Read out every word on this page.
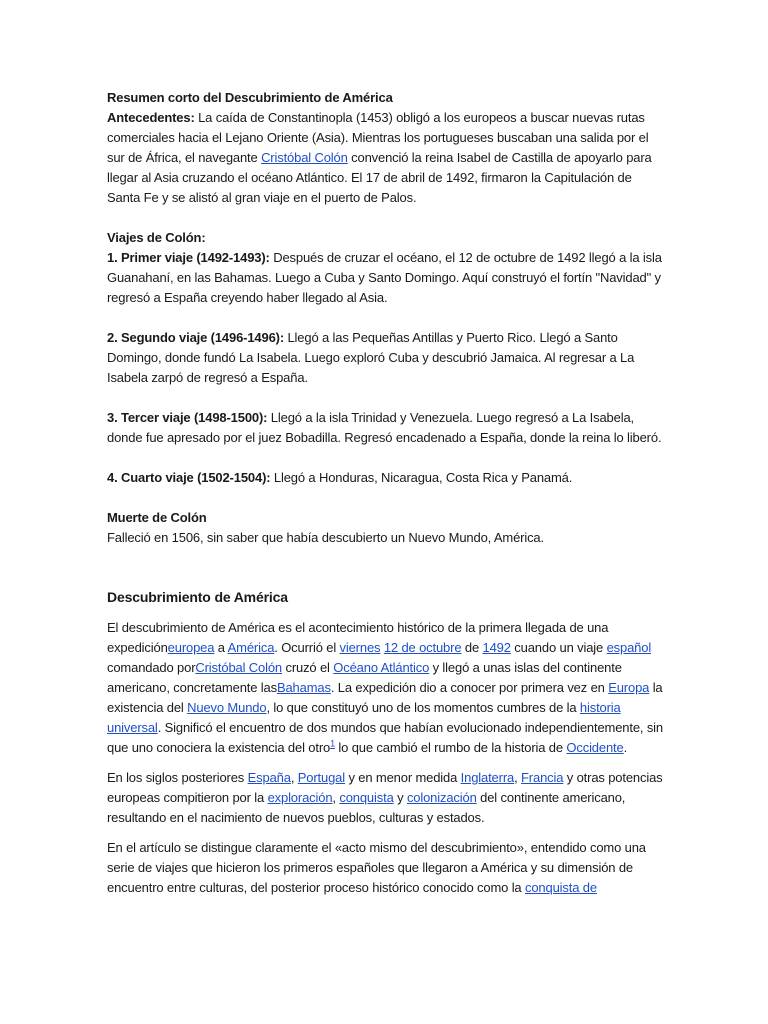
Resumen corto del Descubrimiento de América

Antecedentes: La caída de Constantinopla (1453) obligó a los europeos a buscar nuevas rutas comerciales hacia el Lejano Oriente (Asia). Mientras los portugueses buscaban una salida por el sur de África, el navegante Cristóbal Colón convenció la reina Isabel de Castilla de apoyarlo para llegar al Asia cruzando el océano Atlántico. El 17 de abril de 1492, firmaron la Capitulación de Santa Fe y se alistó al gran viaje en el puerto de Palos.

Viajes de Colón:

1. Primer viaje (1492-1493): Después de cruzar el océano, el 12 de octubre de 1492 llegó a la isla Guanahaní, en las Bahamas. Luego a Cuba y Santo Domingo. Aquí construyó el fortín "Navidad" y regresó a España creyendo haber llegado al Asia.

2. Segundo viaje (1496-1496): Llegó a las Pequeñas Antillas y Puerto Rico. Llegó a Santo Domingo, donde fundó La Isabela. Luego exploró Cuba y descubrió Jamaica. Al regresar a La Isabela zarpó de regresó a España.

3. Tercer viaje (1498-1500): Llegó a la isla Trinidad y Venezuela. Luego regresó a La Isabela, donde fue apresado por el juez Bobadilla. Regresó encadenado a España, donde la reina lo liberó.

4. Cuarto viaje (1502-1504): Llegó a Honduras, Nicaragua, Costa Rica y Panamá.

Muerte de Colón

Falleció en 1506, sin saber que había descubierto un Nuevo Mundo, América.

Descubrimiento de América

El descubrimiento de América es el acontecimiento histórico de la primera llegada de una expedicióneuropea a América. Ocurrió el viernes 12 de octubre de 1492 cuando un viaje español comandado porCristóbal Colón cruzó el Océano Atlántico y llegó a unas islas del continente americano, concretamente lasBahamas. La expedición dio a conocer por primera vez en Europa la existencia del Nuevo Mundo, lo que constituyó uno de los momentos cumbres de la historia universal. Significó el encuentro de dos mundos que habían evolucionado independientemente, sin que uno conociera la existencia del otro$^1$ lo que cambió el rumbo de la historia de Occidente.

En los siglos posteriores España, Portugal y en menor medida Inglaterra, Francia y otras potencias europeas compitieron por la exploración, conquista y colonización del continente americano, resultando en el nacimiento de nuevos pueblos, culturas y estados.

En el artículo se distingue claramente el «acto mismo del descubrimiento», entendido como una serie de viajes que hicieron los primeros españoles que llegaron a América y su dimensión de encuentro entre culturas, del posterior proceso histórico conocido como la conquista de
